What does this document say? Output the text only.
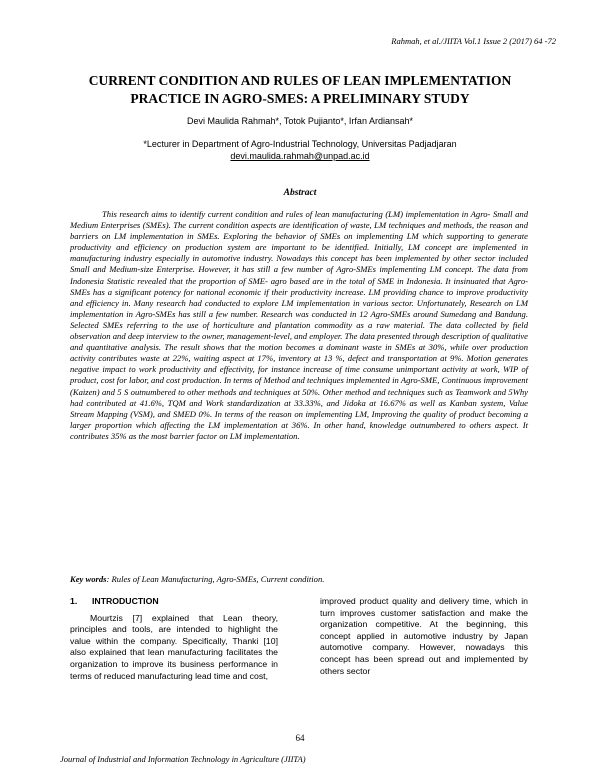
Rahmah, et al./JIITA Vol.1 Issue 2 (2017) 64 -72
CURRENT CONDITION AND RULES OF LEAN IMPLEMENTATION
PRACTICE IN AGRO-SMES: A PRELIMINARY STUDY
Devi Maulida Rahmah*, Totok Pujianto*, Irfan Ardiansah*
*Lecturer in Department of Agro-Industrial Technology, Universitas Padjadjaran
devi.maulida.rahmah@unpad.ac.id
Abstract
This research aims to identify current condition and rules of lean manufacturing (LM) implementation in Agro- Small and Medium Enterprises (SMEs). The current condition aspects are identification of waste, LM techniques and methods, the reason and barriers on LM implementation in SMEs. Exploring the behavior of SMEs on implementing LM which supporting to generate productivity and efficiency on production system are important to be identified. Initially, LM concept are implemented in manufacturing industry especially in automotive industry. Nowadays this concept has been implemented by other sector included Small and Medium-size Enterprise. However, it has still a few number of Agro-SMEs implementing LM concept. The data from Indonesia Statistic revealed that the proportion of SME- agro based are in the total of SME in Indonesia. It insinuated that Agro-SMEs has a significant potency for national economic if their productivity increase. LM providing chance to improve productivity and efficiency in. Many research had conducted to explore LM implementation in various sector. Unfortunately, Research on LM implementation in Agro-SMEs has still a few number. Research was conducted in 12 Agro-SMEs around Sumedang and Bandung. Selected SMEs referring to the use of horticulture and plantation commodity as a raw material. The data collected by field observation and deep interview to the owner, management-level, and employer. The data presented through description of qualitative and quantitative analysis. The result shows that the motion becomes a dominant waste in SMEs at 30%, while over production activity contributes waste at 22%, waiting aspect at 17%, inventory at 13 %, defect and transportation at 9%. Motion generates negative impact to work productivity and effectivity, for instance increase of time consume unimportant activity at work, WIP of product, cost for labor, and cost production. In terms of Method and techniques implemented in Agro-SME, Continuous improvement (Kaizen) and 5 S outnumbered to other methods and techniques at 50%. Other method and techniques such as Teamwork and 5Why had contributed at 41.6%, TQM and Work standardization at 33.33%, and Jidoka at 16.67% as well as Kanban system, Value Stream Mapping (VSM), and SMED 0%. In terms of the reason on implementing LM, Improving the quality of product becoming a larger proportion which affecting the LM implementation at 36%. In other hand, knowledge outnumbered to others aspect. It contributes 35% as the most barrier factor on LM implementation.
Key words: Rules of Lean Manufacturing, Agro-SMEs, Current condition.
1. INTRODUCTION
Mourtzis [7] explained that Lean theory, principles and tools, are intended to highlight the value within the company. Specifically, Thanki [10] also explained that lean manufacturing facilitates the organization to improve its business performance in terms of reduced manufacturing lead time and cost,
improved product quality and delivery time, which in turn improves customer satisfaction and make the organization competitive. At the beginning, this concept applied in automotive industry by Japan automotive company. However, nowadays this concept has been spread out and implemented by others sector
64
Journal of Industrial and Information Technology in Agriculture (JIITA)
